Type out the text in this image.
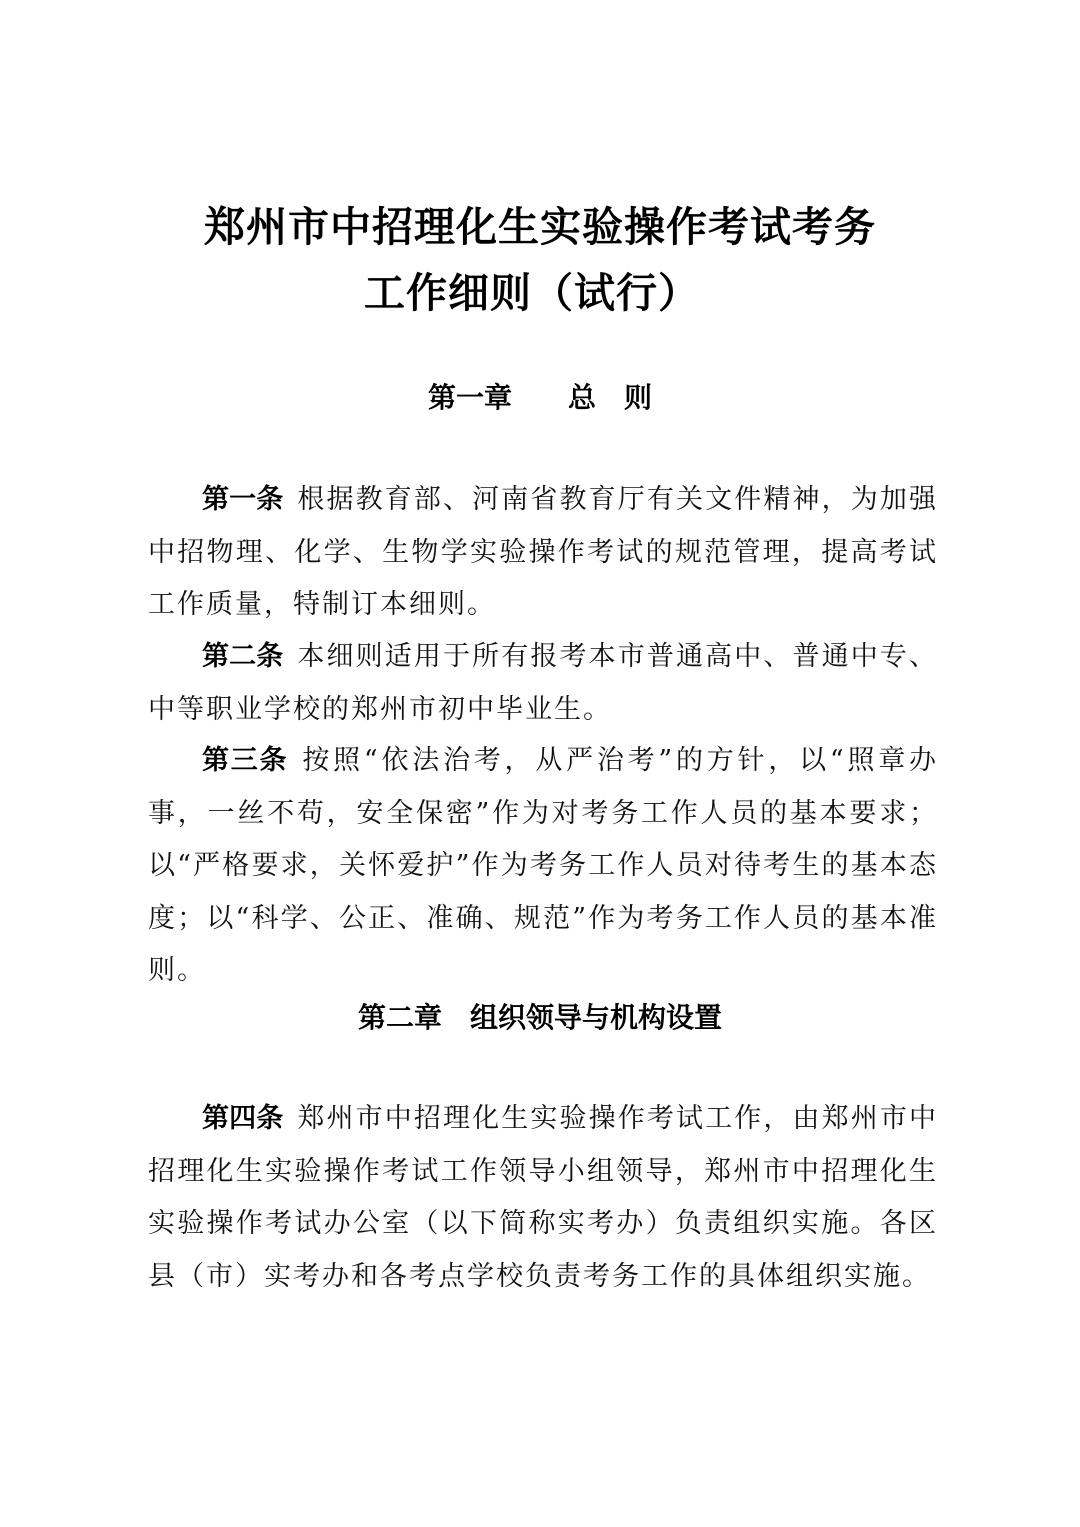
郑州市中招理化生实验操作考试考务
工作细则（试行）
第一章　　总　则

第一条 根据教育部、河南省教育厅有关文件精神，为加强中招物理、化学、生物学实验操作考试的规范管理，提高考试工作质量，特制订本细则。

第二条 本细则适用于所有报考本市普通高中、普通中专、中等职业学校的郑州市初中毕业生。

第三条 按照“依法治考，从严治考”的方针，以“照章办事，一丝不苟，安全保密”作为对考务工作人员的基本要求；以“严格要求，关怀爱护”作为考务工作人员对待考生的基本态度；以“科学、公正、准确、规范”作为考务工作人员的基本准则。

第二章　组织领导与机构设置

第四条 郑州市中招理化生实验操作考试工作，由郑州市中招理化生实验操作考试工作领导小组领导，郑州市中招理化生实验操作考试办公室（以下简称实考办）负责组织实施。各区县（市）实考办和各考点学校负责考务工作的具体组织实施。
